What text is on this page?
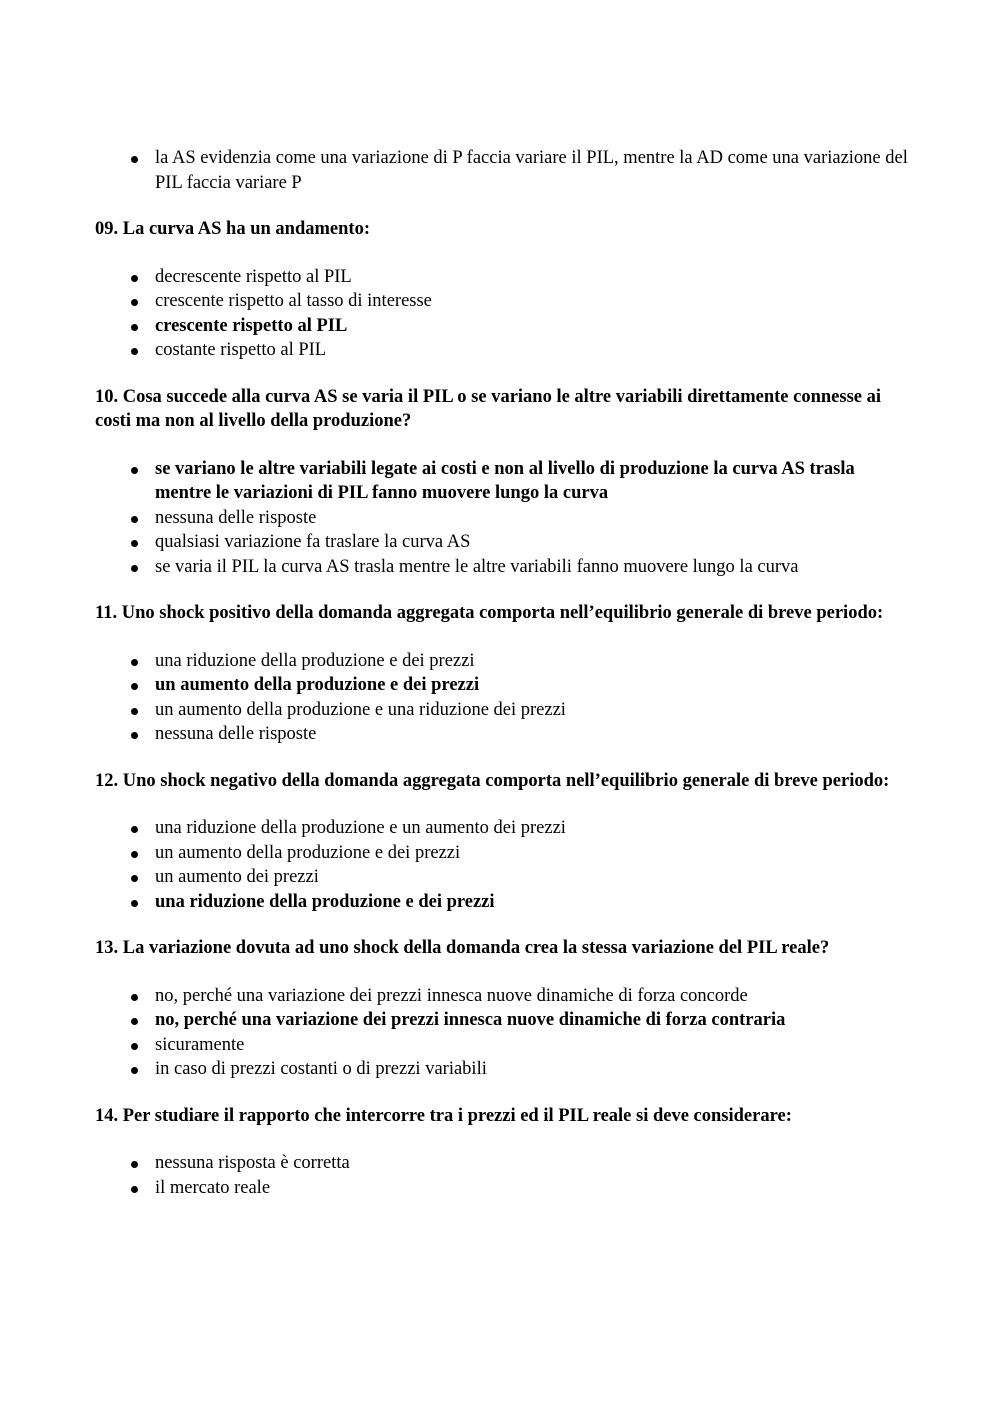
la AS evidenzia come una variazione di P faccia variare il PIL, mentre la AD come una variazione del PIL faccia variare P

09. La curva AS ha un andamento:

decrescente rispetto al PIL
crescente rispetto al tasso di interesse
crescente rispetto al PIL
costante rispetto al PIL

10. Cosa succede alla curva AS se varia il PIL o se variano le altre variabili direttamente connesse ai costi ma non al livello della produzione?

se variano le altre variabili legate ai costi e non al livello di produzione la curva AS trasla mentre le variazioni di PIL fanno muovere lungo la curva
nessuna delle risposte
qualsiasi variazione fa traslare la curva AS
se varia il PIL la curva AS trasla mentre le altre variabili fanno muovere lungo la curva

11. Uno shock positivo della domanda aggregata comporta nell’equilibrio generale di breve periodo:

una riduzione della produzione e dei prezzi
un aumento della produzione e dei prezzi
un aumento della produzione e una riduzione dei prezzi
nessuna delle risposte

12. Uno shock negativo della domanda aggregata comporta nell’equilibrio generale di breve periodo:

una riduzione della produzione e un aumento dei prezzi
un aumento della produzione e dei prezzi
un aumento dei prezzi
una riduzione della produzione e dei prezzi

13. La variazione dovuta ad uno shock della domanda crea la stessa variazione del PIL reale?

no, perché una variazione dei prezzi innesca nuove dinamiche di forza concorde
no, perché una variazione dei prezzi innesca nuove dinamiche di forza contraria
sicuramente
in caso di prezzi costanti o di prezzi variabili

14. Per studiare il rapporto che intercorre tra i prezzi ed il PIL reale si deve considerare:

nessuna risposta è corretta
il mercato reale
